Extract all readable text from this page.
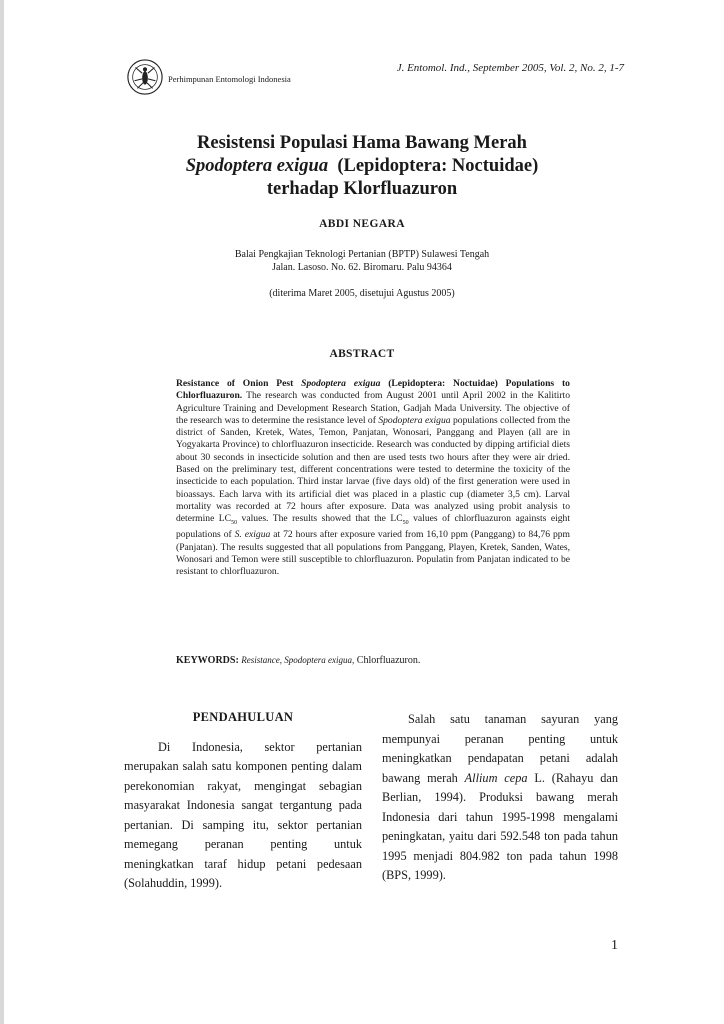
Perhimpunan Entomologi Indonesia
J. Entomol. Ind., September 2005, Vol. 2, No. 2, 1-7
Resistensi Populasi Hama Bawang Merah
Spodoptera exigua (Lepidoptera: Noctuidae)
terhadap Klorfluazuron
ABDI NEGARA
Balai Pengkajian Teknologi Pertanian (BPTP) Sulawesi Tengah
Jalan. Lasoso. No. 62. Biromaru. Palu 94364
(diterima Maret 2005, disetujui Agustus 2005)
ABSTRACT
Resistance of Onion Pest Spodoptera exigua (Lepidoptera: Noctuidae) Populations to Chlorfluazuron. The research was conducted from August 2001 until April 2002 in the Kalitirto Agriculture Training and Development Research Station, Gadjah Mada University. The objective of the research was to determine the resistance level of Spodoptera exigua populations collected from the district of Sanden, Kretek, Wates, Temon, Panjatan, Wonosari, Panggang and Playen (all are in Yogyakarta Province) to chlorfluazuron insecticide. Research was conducted by dipping artificial diets about 30 seconds in insecticide solution and then are used tests two hours after they were air dried. Based on the preliminary test, different concentrations were tested to determine the toxicity of the insecticide to each population. Third instar larvae (five days old) of the first generation were used in bioassays. Each larva with its artificial diet was placed in a plastic cup (diameter 3,5 cm). Larval mortality was recorded at 72 hours after exposure. Data was analyzed using probit analysis to determine $LC_{50}$ values. The results showed that the $LC_{50}$ values of chlorfluazuron againsts eight populations of S. exigua at 72 hours after exposure varied from 16,10 ppm (Panggang) to 84,76 ppm (Panjatan). The results suggested that all populations from Panggang, Playen, Kretek, Sanden, Wates, Wonosari and Temon were still susceptible to chlorfluazuron. Populatin from Panjatan indicated to be resistant to chlorfluazuron.
KEYWORDS: Resistance, Spodoptera exigua, Chlorfluazuron.
PENDAHULUAN

Di Indonesia, sektor pertanian merupakan salah satu komponen penting dalam perekonomian rakyat, mengingat sebagian masyarakat Indonesia sangat tergantung pada pertanian. Di samping itu, sektor pertanian memegang peranan penting untuk meningkatkan taraf hidup petani pedesaan (Solahuddin, 1999).

Salah satu tanaman sayuran yang mempunyai peranan penting untuk meningkatkan pendapatan petani adalah bawang merah Allium cepa L. (Rahayu dan Berlian, 1994). Produksi bawang merah Indonesia dari tahun 1995-1998 mengalami peningkatan, yaitu dari 592.548 ton pada tahun 1995 menjadi 804.982 ton pada tahun 1998 (BPS, 1999).

1
